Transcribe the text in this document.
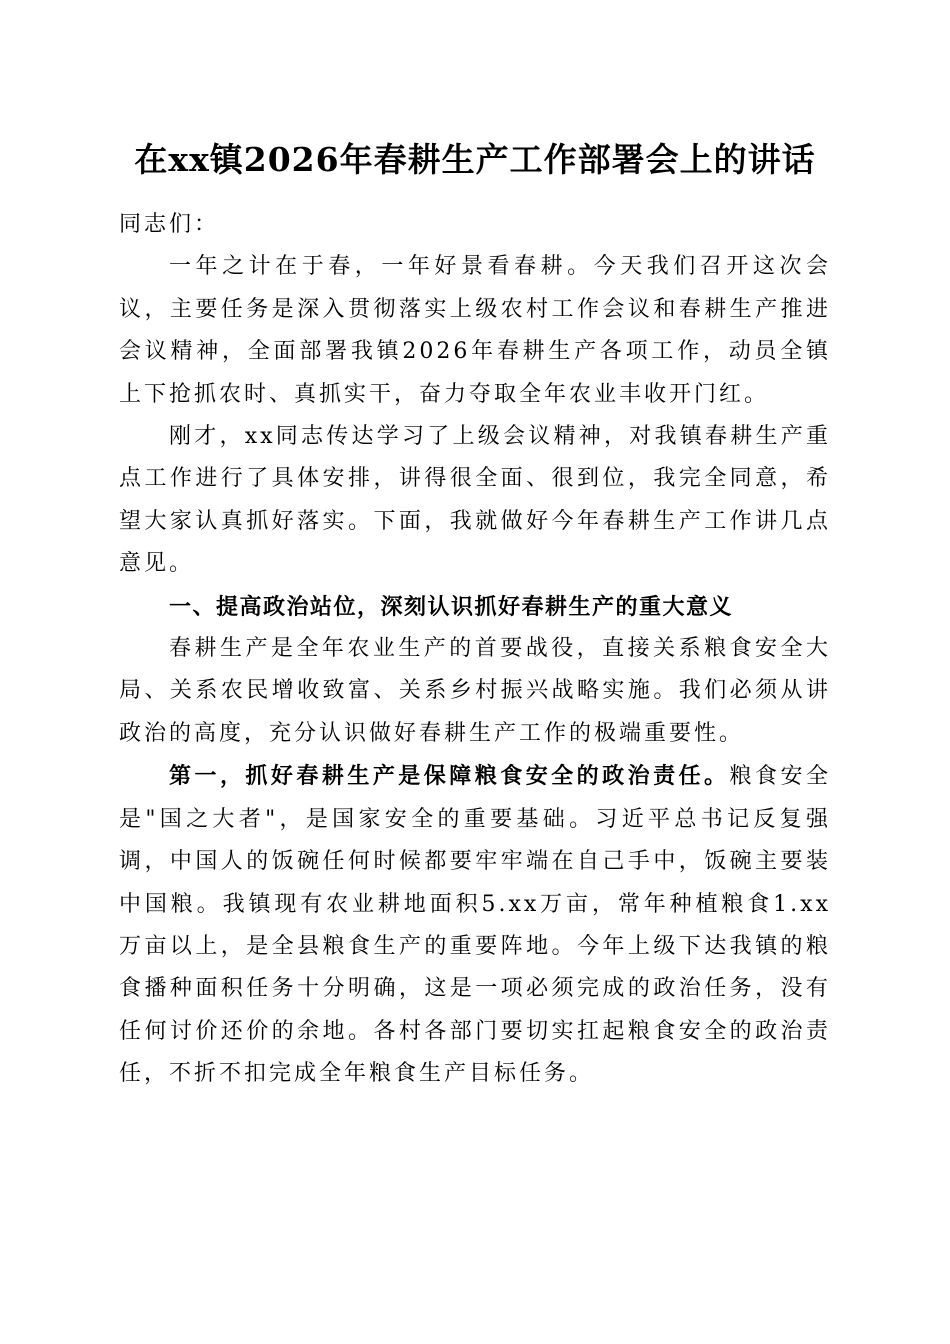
在xx镇2026年春耕生产工作部署会上的讲话

同志们：

一年之计在于春，一年好景看春耕。今天我们召开这次会议，主要任务是深入贯彻落实上级农村工作会议和春耕生产推进会议精神，全面部署我镇2026年春耕生产各项工作，动员全镇上下抢抓农时、真抓实干，奋力夺取全年农业丰收开门红。

刚才，xx同志传达学习了上级会议精神，对我镇春耕生产重点工作进行了具体安排，讲得很全面、很到位，我完全同意，希望大家认真抓好落实。下面，我就做好今年春耕生产工作讲几点意见。

一、提高政治站位，深刻认识抓好春耕生产的重大意义

春耕生产是全年农业生产的首要战役，直接关系粮食安全大局、关系农民增收致富、关系乡村振兴战略实施。我们必须从讲政治的高度，充分认识做好春耕生产工作的极端重要性。

第一，抓好春耕生产是保障粮食安全的政治责任。粮食安全是"国之大者"，是国家安全的重要基础。习近平总书记反复强调，中国人的饭碗任何时候都要牢牢端在自己手中，饭碗主要装中国粮。我镇现有农业耕地面积5.xx万亩，常年种植粮食1.xx万亩以上，是全县粮食生产的重要阵地。今年上级下达我镇的粮食播种面积任务十分明确，这是一项必须完成的政治任务，没有任何讨价还价的余地。各村各部门要切实扛起粮食安全的政治责任，不折不扣完成全年粮食生产目标任务。
